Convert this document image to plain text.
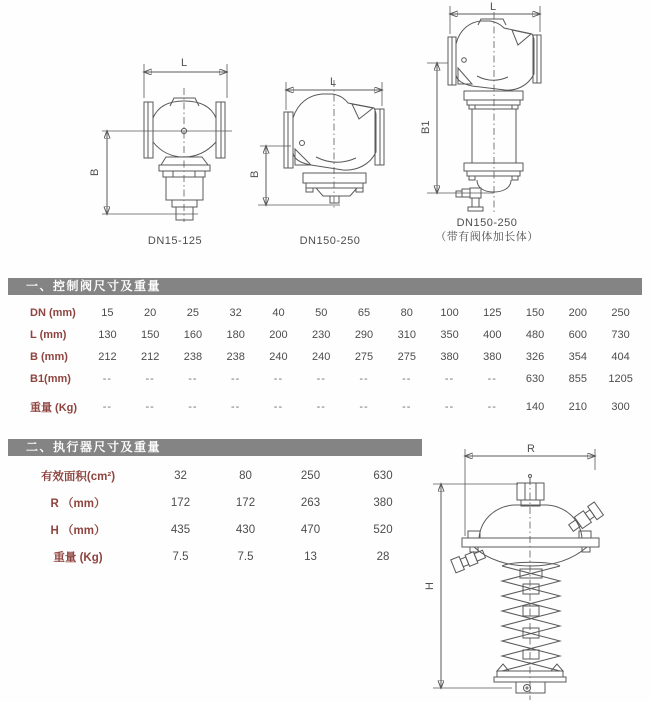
L
B
L
B
L
B1
R
H
DN15-125	DN150-250
DN150-250
（带有阀体加长体）
一、控制阀尺寸及重量
DN (mm)	15	20	25	32	40	50	65	80	100	125	150	200	250
L (mm)	130	150	160	180	200	230	290	310	350	400	480	600	730
B (mm)	212	212	238	238	240	240	275	275	380	380	326	354	404
B1(mm)	--	--	--	--	--	--	--	--	--	--	630	855	1205
重量 (Kg)	--	--	--	--	--	--	--	--	--	--	140	210	300
二、执行器尺寸及重量
有效面积(cm²)	32	80	250	630
R （mm）	172	172	263	380
H （mm）	435	430	470	520
重量 (Kg)	7.5	7.5	13	28
